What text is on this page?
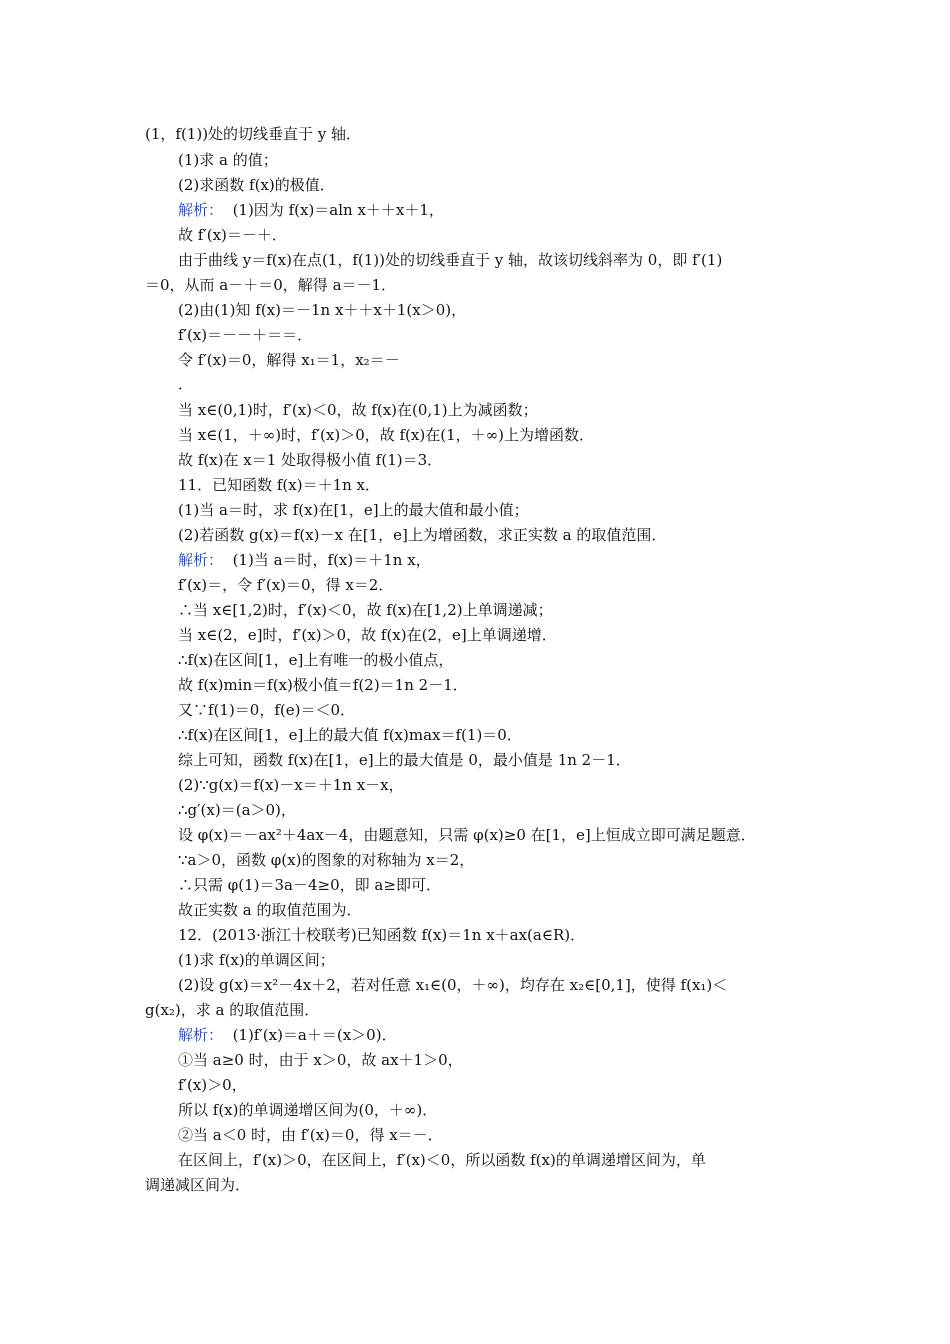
(1，f(1))处的切线垂直于 y 轴．
(1)求 a 的值；
(2)求函数 f(x)的极值．
解析： (1)因为 f(x)＝aln x＋＋x＋1，
故 f′(x)＝－＋．
由于曲线 y＝f(x)在点(1，f(1))处的切线垂直于 y 轴，故该切线斜率为 0，即 f′(1)
＝0，从而 a－＋＝0，解得 a＝－1．
(2)由(1)知 f(x)＝－1n x＋＋x＋1(x＞0)，
f′(x)＝－－＋＝＝．
令 f′(x)＝0，解得 x₁＝1，x₂＝－
．
当 x∈(0,1)时，f′(x)＜0，故 f(x)在(0,1)上为减函数；
当 x∈(1，＋∞)时，f′(x)＞0，故 f(x)在(1，＋∞)上为增函数．
故 f(x)在 x＝1 处取得极小值 f(1)＝3．
11．已知函数 f(x)＝＋1n x．
(1)当 a＝时，求 f(x)在[1，e]上的最大值和最小值；
(2)若函数 g(x)＝f(x)－x 在[1，e]上为增函数，求正实数 a 的取值范围．
解析： (1)当 a＝时，f(x)＝＋1n x，
f′(x)＝，令 f′(x)＝0，得 x＝2．
∴当 x∈[1,2)时，f′(x)＜0，故 f(x)在[1,2)上单调递减；
当 x∈(2，e]时，f′(x)＞0，故 f(x)在(2，e]上单调递增．
∴f(x)在区间[1，e]上有唯一的极小值点，
故 f(x)min＝f(x)极小值＝f(2)＝1n 2－1．
又∵f(1)＝0，f(e)＝＜0．
∴f(x)在区间[1，e]上的最大值 f(x)max＝f(1)＝0．
综上可知，函数 f(x)在[1，e]上的最大值是 0，最小值是 1n 2－1．
(2)∵g(x)＝f(x)－x＝＋1n x－x，
∴g′(x)＝(a＞0)，
设 φ(x)＝－ax²＋4ax－4，由题意知，只需 φ(x)≥0 在[1，e]上恒成立即可满足题意．
∵a＞0，函数 φ(x)的图象的对称轴为 x＝2，
∴只需 φ(1)＝3a－4≥0，即 a≥即可．
故正实数 a 的取值范围为．
12．(2013·浙江十校联考)已知函数 f(x)＝1n x＋ax(a∈R)．
(1)求 f(x)的单调区间；
(2)设 g(x)＝x²－4x＋2，若对任意 x₁∈(0，＋∞)，均存在 x₂∈[0,1]，使得 f(x₁)＜
g(x₂)，求 a 的取值范围．
解析： (1)f′(x)＝a＋＝(x＞0)．
①当 a≥0 时，由于 x＞0，故 ax＋1＞0，
f′(x)＞0，
所以 f(x)的单调递增区间为(0，＋∞)．
②当 a＜0 时，由 f′(x)＝0，得 x＝－．
在区间上，f′(x)＞0，在区间上，f′(x)＜0，所以函数 f(x)的单调递增区间为，单
调递减区间为．
